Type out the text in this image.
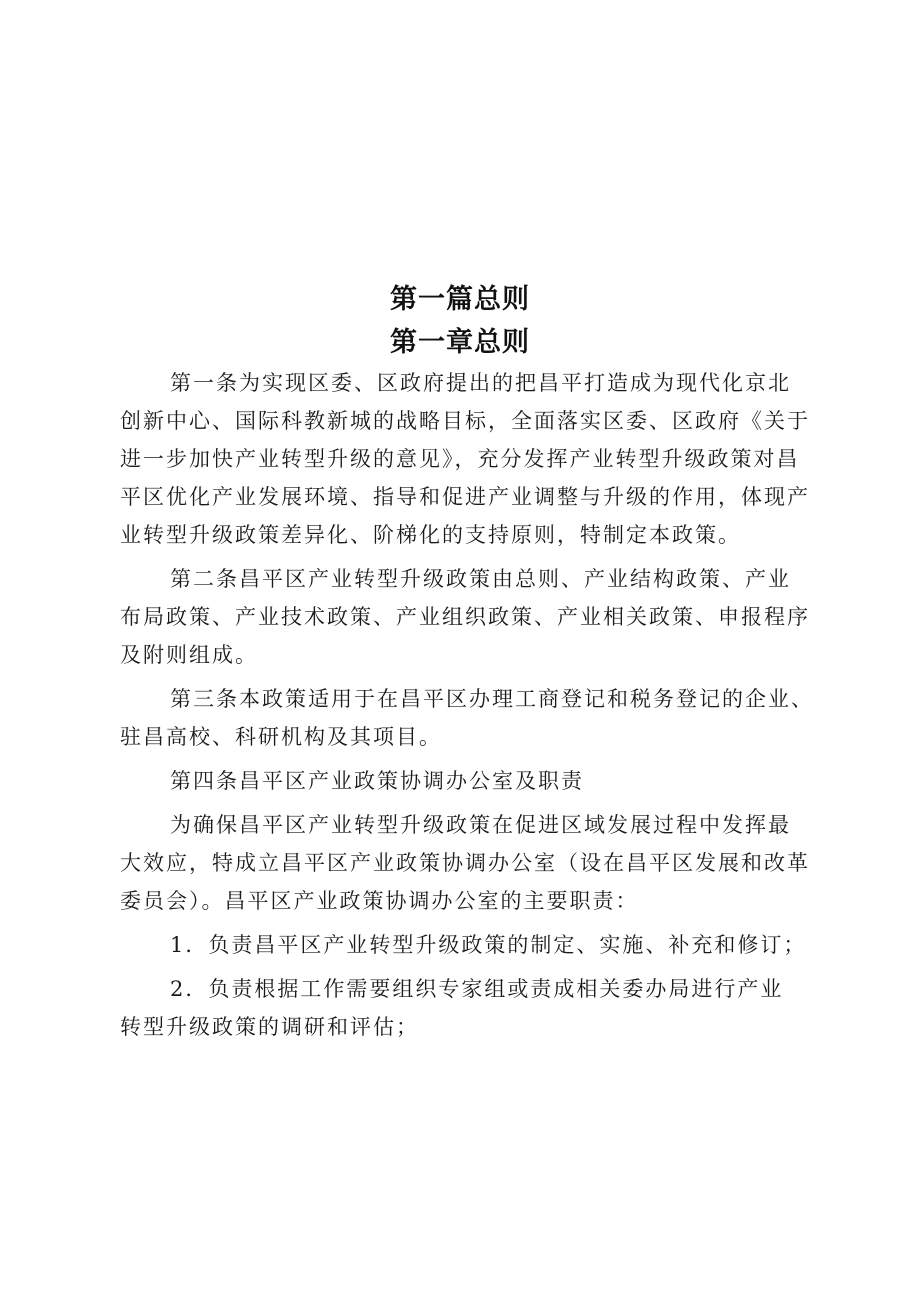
第一篇总则
第一章总则

第一条为实现区委、区政府提出的把昌平打造成为现代化京北
创新中心、国际科教新城的战略目标，全面落实区委、区政府《关于
进一步加快产业转型升级的意见》，充分发挥产业转型升级政策对昌
平区优化产业发展环境、指导和促进产业调整与升级的作用，体现产
业转型升级政策差异化、阶梯化的支持原则，特制定本政策。

第二条昌平区产业转型升级政策由总则、产业结构政策、产业
布局政策、产业技术政策、产业组织政策、产业相关政策、申报程序
及附则组成。

第三条本政策适用于在昌平区办理工商登记和税务登记的企业、
驻昌高校、科研机构及其项目。

第四条昌平区产业政策协调办公室及职责

为确保昌平区产业转型升级政策在促进区域发展过程中发挥最
大效应，特成立昌平区产业政策协调办公室（设在昌平区发展和改革
委员会）。昌平区产业政策协调办公室的主要职责：

1．负责昌平区产业转型升级政策的制定、实施、补充和修订；

2．负责根据工作需要组织专家组或责成相关委办局进行产业
转型升级政策的调研和评估；
